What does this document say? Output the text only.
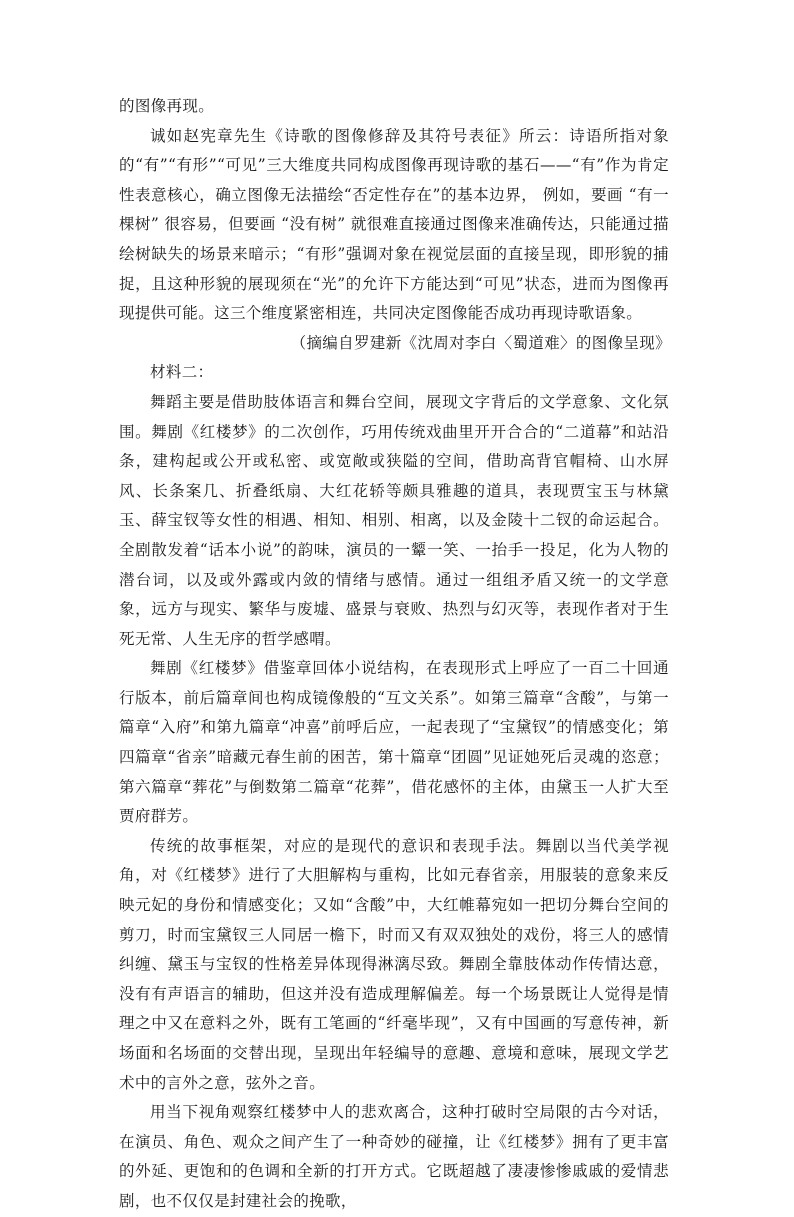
的图像再现。

诚如赵宪章先生《诗歌的图像修辞及其符号表征》所云：诗语所指对象的“有”“有形”“可见”三大维度共同构成图像再现诗歌的基石——“有”作为肯定性表意核心，确立图像无法描绘“否定性存在”的基本边界， 例如，要画 “有一棵树” 很容易，但要画 “没有树” 就很难直接通过图像来准确传达，只能通过描绘树缺失的场景来暗示；“有形”强调对象在视觉层面的直接呈现，即形貌的捕捉，且这种形貌的展现须在“光”的允许下方能达到“可见”状态，进而为图像再现提供可能。这三个维度紧密相连，共同决定图像能否成功再现诗歌语象。

（摘编自罗建新《沈周对李白〈蜀道难〉的图像呈现》

材料二：

舞蹈主要是借助肢体语言和舞台空间，展现文字背后的文学意象、文化氛围。舞剧《红楼梦》的二次创作，巧用传统戏曲里开开合合的“二道幕”和站沿条，建构起或公开或私密、或宽敞或狭隘的空间，借助高背官帽椅、山水屏风、长条案几、折叠纸扇、大红花轿等颇具雅趣的道具，表现贾宝玉与林黛玉、薛宝钗等女性的相遇、相知、相别、相离，以及金陵十二钗的命运起合。全剧散发着“话本小说”的韵味，演员的一颦一笑、一抬手一投足，化为人物的潜台词，以及或外露或内敛的情绪与感情。通过一组组矛盾又统一的文学意象，远方与现实、繁华与废墟、盛景与衰败、热烈与幻灭等，表现作者对于生死无常、人生无序的哲学感喟。

舞剧《红楼梦》借鉴章回体小说结构，在表现形式上呼应了一百二十回通行版本，前后篇章间也构成镜像般的“互文关系”。如第三篇章“含酸”，与第一篇章“入府”和第九篇章“冲喜”前呼后应，一起表现了“宝黛钗”的情感变化；第四篇章“省亲”暗藏元春生前的困苦，第十篇章“团圆”见证她死后灵魂的恣意；第六篇章“葬花”与倒数第二篇章“花葬”，借花感怀的主体，由黛玉一人扩大至贾府群芳。

传统的故事框架，对应的是现代的意识和表现手法。舞剧以当代美学视角，对《红楼梦》进行了大胆解构与重构，比如元春省亲，用服装的意象来反映元妃的身份和情感变化；又如“含酸”中，大红帷幕宛如一把切分舞台空间的剪刀，时而宝黛钗三人同居一檐下，时而又有双双独处的戏份，将三人的感情纠缠、黛玉与宝钗的性格差异体现得淋漓尽致。舞剧全靠肢体动作传情达意，没有有声语言的辅助，但这并没有造成理解偏差。每一个场景既让人觉得是情理之中又在意料之外，既有工笔画的“纤毫毕现”，又有中国画的写意传神，新场面和名场面的交替出现，呈现出年轻编导的意趣、意境和意味，展现文学艺术中的言外之意，弦外之音。

用当下视角观察红楼梦中人的悲欢离合，这种打破时空局限的古今对话，在演员、角色、观众之间产生了一种奇妙的碰撞，让《红楼梦》拥有了更丰富的外延、更饱和的色调和全新的打开方式。它既超越了凄凄惨惨戚戚的爱情悲剧，也不仅仅是封建社会的挽歌，
